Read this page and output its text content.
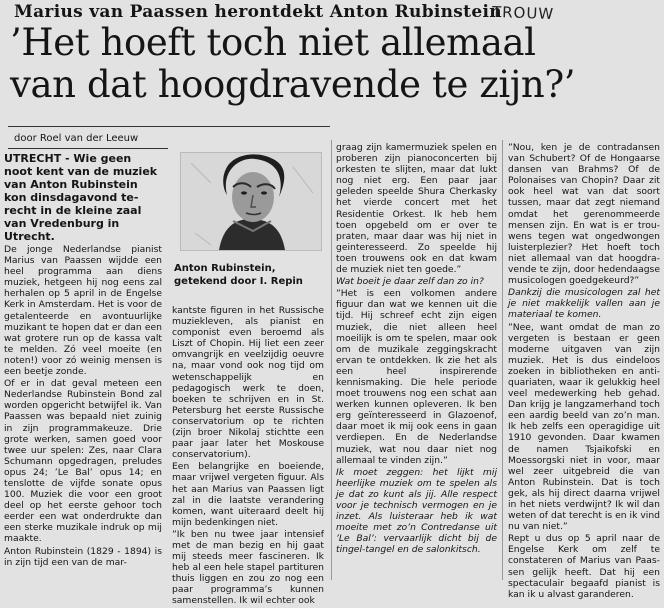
Marius van Paassen herontdekt Anton Rubinstein
TROUW
’Het hoeft toch niet allemaal
van dat hoogdravende te zijn?’
door Roel van der Leeuw

UTRECHT - Wie geen noot kent van de muziek van Anton Rubinstein kon dinsdagavond terecht in de kleine zaal van Vredenburg in Utrecht.

De jonge Nederlandse pianist Marius van Paassen wijdde een heel programma aan diens muziek, hetgeen hij nog eens zal herhalen op 5 april in de Engelse Kerk in Amsterdam. Het is voor de getalenteerde en avontuurlijke muzikant te hopen dat er dan een wat grotere run op de kassa valt te melden. Zó veel moeite (en noten!) voor zó weinig mensen is een beetje zonde.

Of er in dat geval meteen een Nederlandse Rubinstein Bond zal worden opgericht betwijfel ik. Van Paassen was bepaald niet zuinig in zijn programmakeuze. Drie grote werken, samen goed voor twee uur spelen: Zes, naar Clara Schumann opgedragen, preludes opus 24; ’Le Bal’ opus 14; en tenslotte de vijfde sonate opus 100. Muziek die voor een groot deel op het eerste gehoor toch eerder een wat onderdrukte dan een sterke muzikale indruk op mij maakte.

Anton Rubinstein (1829 - 1894) is in zijn tijd een van de mar-

Anton Rubinstein, getekend door I. Repin

kantste figuren in het Russische muziekleven, als pianist en componist even beroemd als Liszt of Chopin. Hij liet een zeer omvangrijk en veelzijdig oeuvre na, maar vond ook nog tijd om wetenschappelijk en pedagogisch werk te doen, boeken te schrijven en in St. Petersburg het eerste Russische conservatorium op te richten (zijn broer Nikolaj stichtte een paar jaar later het Moskouse conservatorium).

Een belangrijke en boeiende, maar vrijwel vergeten figuur. Als het aan Marius van Paassen ligt zal in die laatste verandering komen, want uiteraard deelt hij mijn bedenkingen niet.

”Ik ben nu twee jaar intensief met de man bezig en hij gaat mij steeds meer fascineren. Ik heb al een hele stapel partituren thuis liggen en zou zo nog een paar programma’s kunnen samenstellen. Ik wil echter ook

graag zijn kamermuziek spelen en proberen zijn pianoconcerten bij orkesten te slijten, maar dat lukt nog niet erg. Een paar jaar geleden speelde Shura Cherkasky het vierde concert met het Residentie Orkest. Ik heb hem toen opgebeld om er over te praten, maar daar was hij niet in geinteresseerd. Zo speelde hij toen trouwens ook en dat kwam de muziek niet ten goede.”

Wat boeit je daar zelf dan zo in?

”Het is een volkomen andere figuur dan wat we kennen uit die tijd. Hij schreef echt zijn eigen muziek, die niet alleen heel moeilijk is om te spelen, maar ook om de muzikale zeggingskracht ervan te ontdekken. Ik zie het als een heel inspirerende kennismaking. Die hele periode moet trouwens nog een schat aan werken kunnen opleveren. Ik ben erg geïnteresseerd in Glazoenof, daar moet ik mij ook eens in gaan verdiepen. En de Nederlandse muziek, wat nou daar niet nog allemaal te vinden zijn.”

Ik moet zeggen: het lijkt mij heerlijke muziek om te spelen als je dat zo kunt als jij. Alle respect voor je technisch vermogen en je inzet. Als luisteraar heb ik wat moeite met zo’n Contredanse uit ’Le Bal’: vervaarlijk dicht bij de tingel-tangel en de salonkitsch.

”Nou, ken je de contradansen van Schubert? Of de Hongaarse dansen van Brahms? Of de Polonaises van Chopin? Daar zit ook heel wat van dat soort tussen, maar dat zegt niemand omdat het gerenommeerde mensen zijn. En wat is er trouwens tegen wat ongedwongen luisterplezier? Het hoeft toch niet allemaal van dat hoogdravende te zijn, door hedendaagse musicologen goedgekeurd?”

Dankzij die musicologen zal het je niet makkelijk vallen aan je materiaal te komen.

”Nee, want omdat de man zo vergeten is bestaan er geen moderne uitgaven van zijn muziek. Het is dus eindeloos zoeken in bibliotheken en antiquariaten, waar ik gelukkig heel veel medewerking heb gehad. Dan krijg je langzamerhand toch een aardig beeld van zo’n man. Ik heb zelfs een operagidige uit 1910 gevonden. Daar kwamen de namen Tsjaikofski en Moessorgski niet in voor, maar wel zeer uitgebreid die van Anton Rubinstein. Dat is toch gek, als hij direct daarna vrijwel in het niets verdwijnt? Ik wil dan weten of dat terecht is en ik vind nu van niet.”

Rept u dus op 5 april naar de Engelse Kerk om zelf te constateren of Marius van Paassen gelijk heeft. Dat hij een spectaculair begaafd pianist is kan ik u alvast garanderen.
